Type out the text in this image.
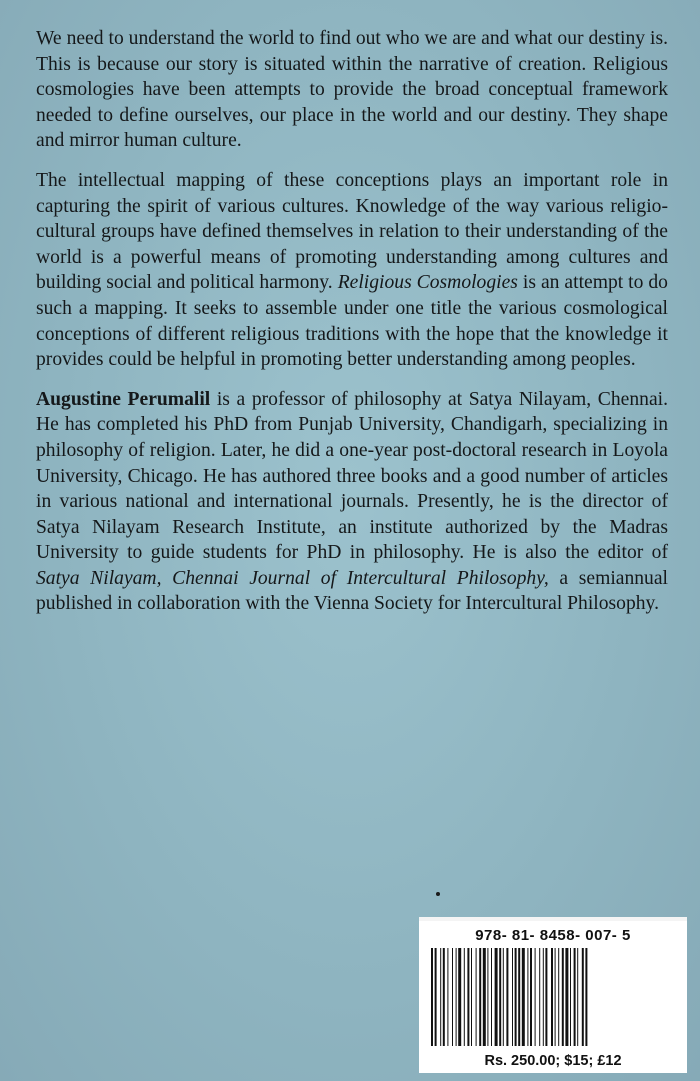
We need to understand the world to find out who we are and what our destiny is. This is because our story is situated within the narrative of creation. Religious cosmologies have been attempts to provide the broad conceptual framework needed to define ourselves, our place in the world and our destiny. They shape and mirror human culture.

The intellectual mapping of these conceptions plays an important role in capturing the spirit of various cultures. Knowledge of the way various religio-cultural groups have defined themselves in relation to their understanding of the world is a powerful means of promoting understanding among cultures and building social and political harmony. Religious Cosmologies is an attempt to do such a mapping. It seeks to assemble under one title the various cosmological conceptions of different religious traditions with the hope that the knowledge it provides could be helpful in promoting better understanding among peoples.

Augustine Perumalil is a professor of philosophy at Satya Nilayam, Chennai. He has completed his PhD from Punjab University, Chandigarh, specializing in philosophy of religion. Later, he did a one-year post-doctoral research in Loyola University, Chicago. He has authored three books and a good number of articles in various national and international journals. Presently, he is the director of Satya Nilayam Research Institute, an institute authorized by the Madras University to guide students for PhD in philosophy. He is also the editor of Satya Nilayam, Chennai Journal of Intercultural Philosophy, a semiannual published in collaboration with the Vienna Society for Intercultural Philosophy.

978- 81- 8458- 007- 5
Rs. 250.00; $15; £12
